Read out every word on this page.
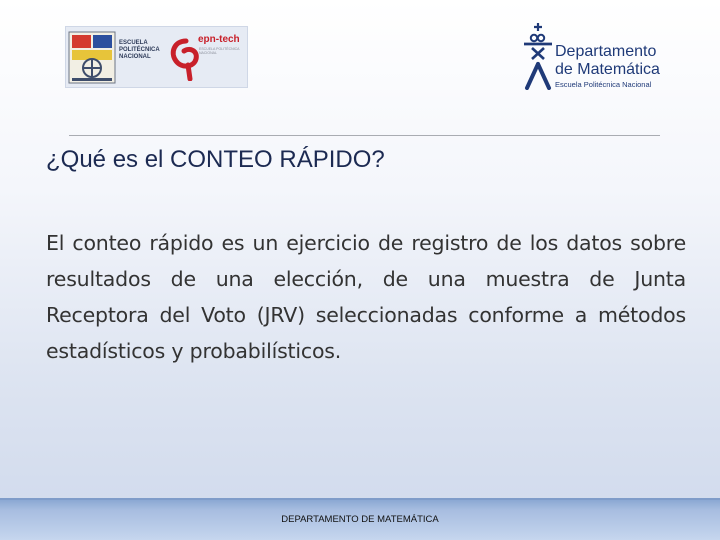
ESCUELA
POLITÉCNICA
NACIONAL
epn-tech
ESCUELA POLITÉCNICA NACIONAL	Departamento
de Matemática
Escuela Politécnica Nacional
¿Qué es el CONTEO RÁPIDO?
El conteo rápido es un ejercicio de registro de los datos sobre resultados de una elección, de una muestra de Junta Receptora del Voto (JRV) seleccionadas conforme a métodos estadísticos y probabilísticos.
DEPARTAMENTO DE MATEMÁTICA
